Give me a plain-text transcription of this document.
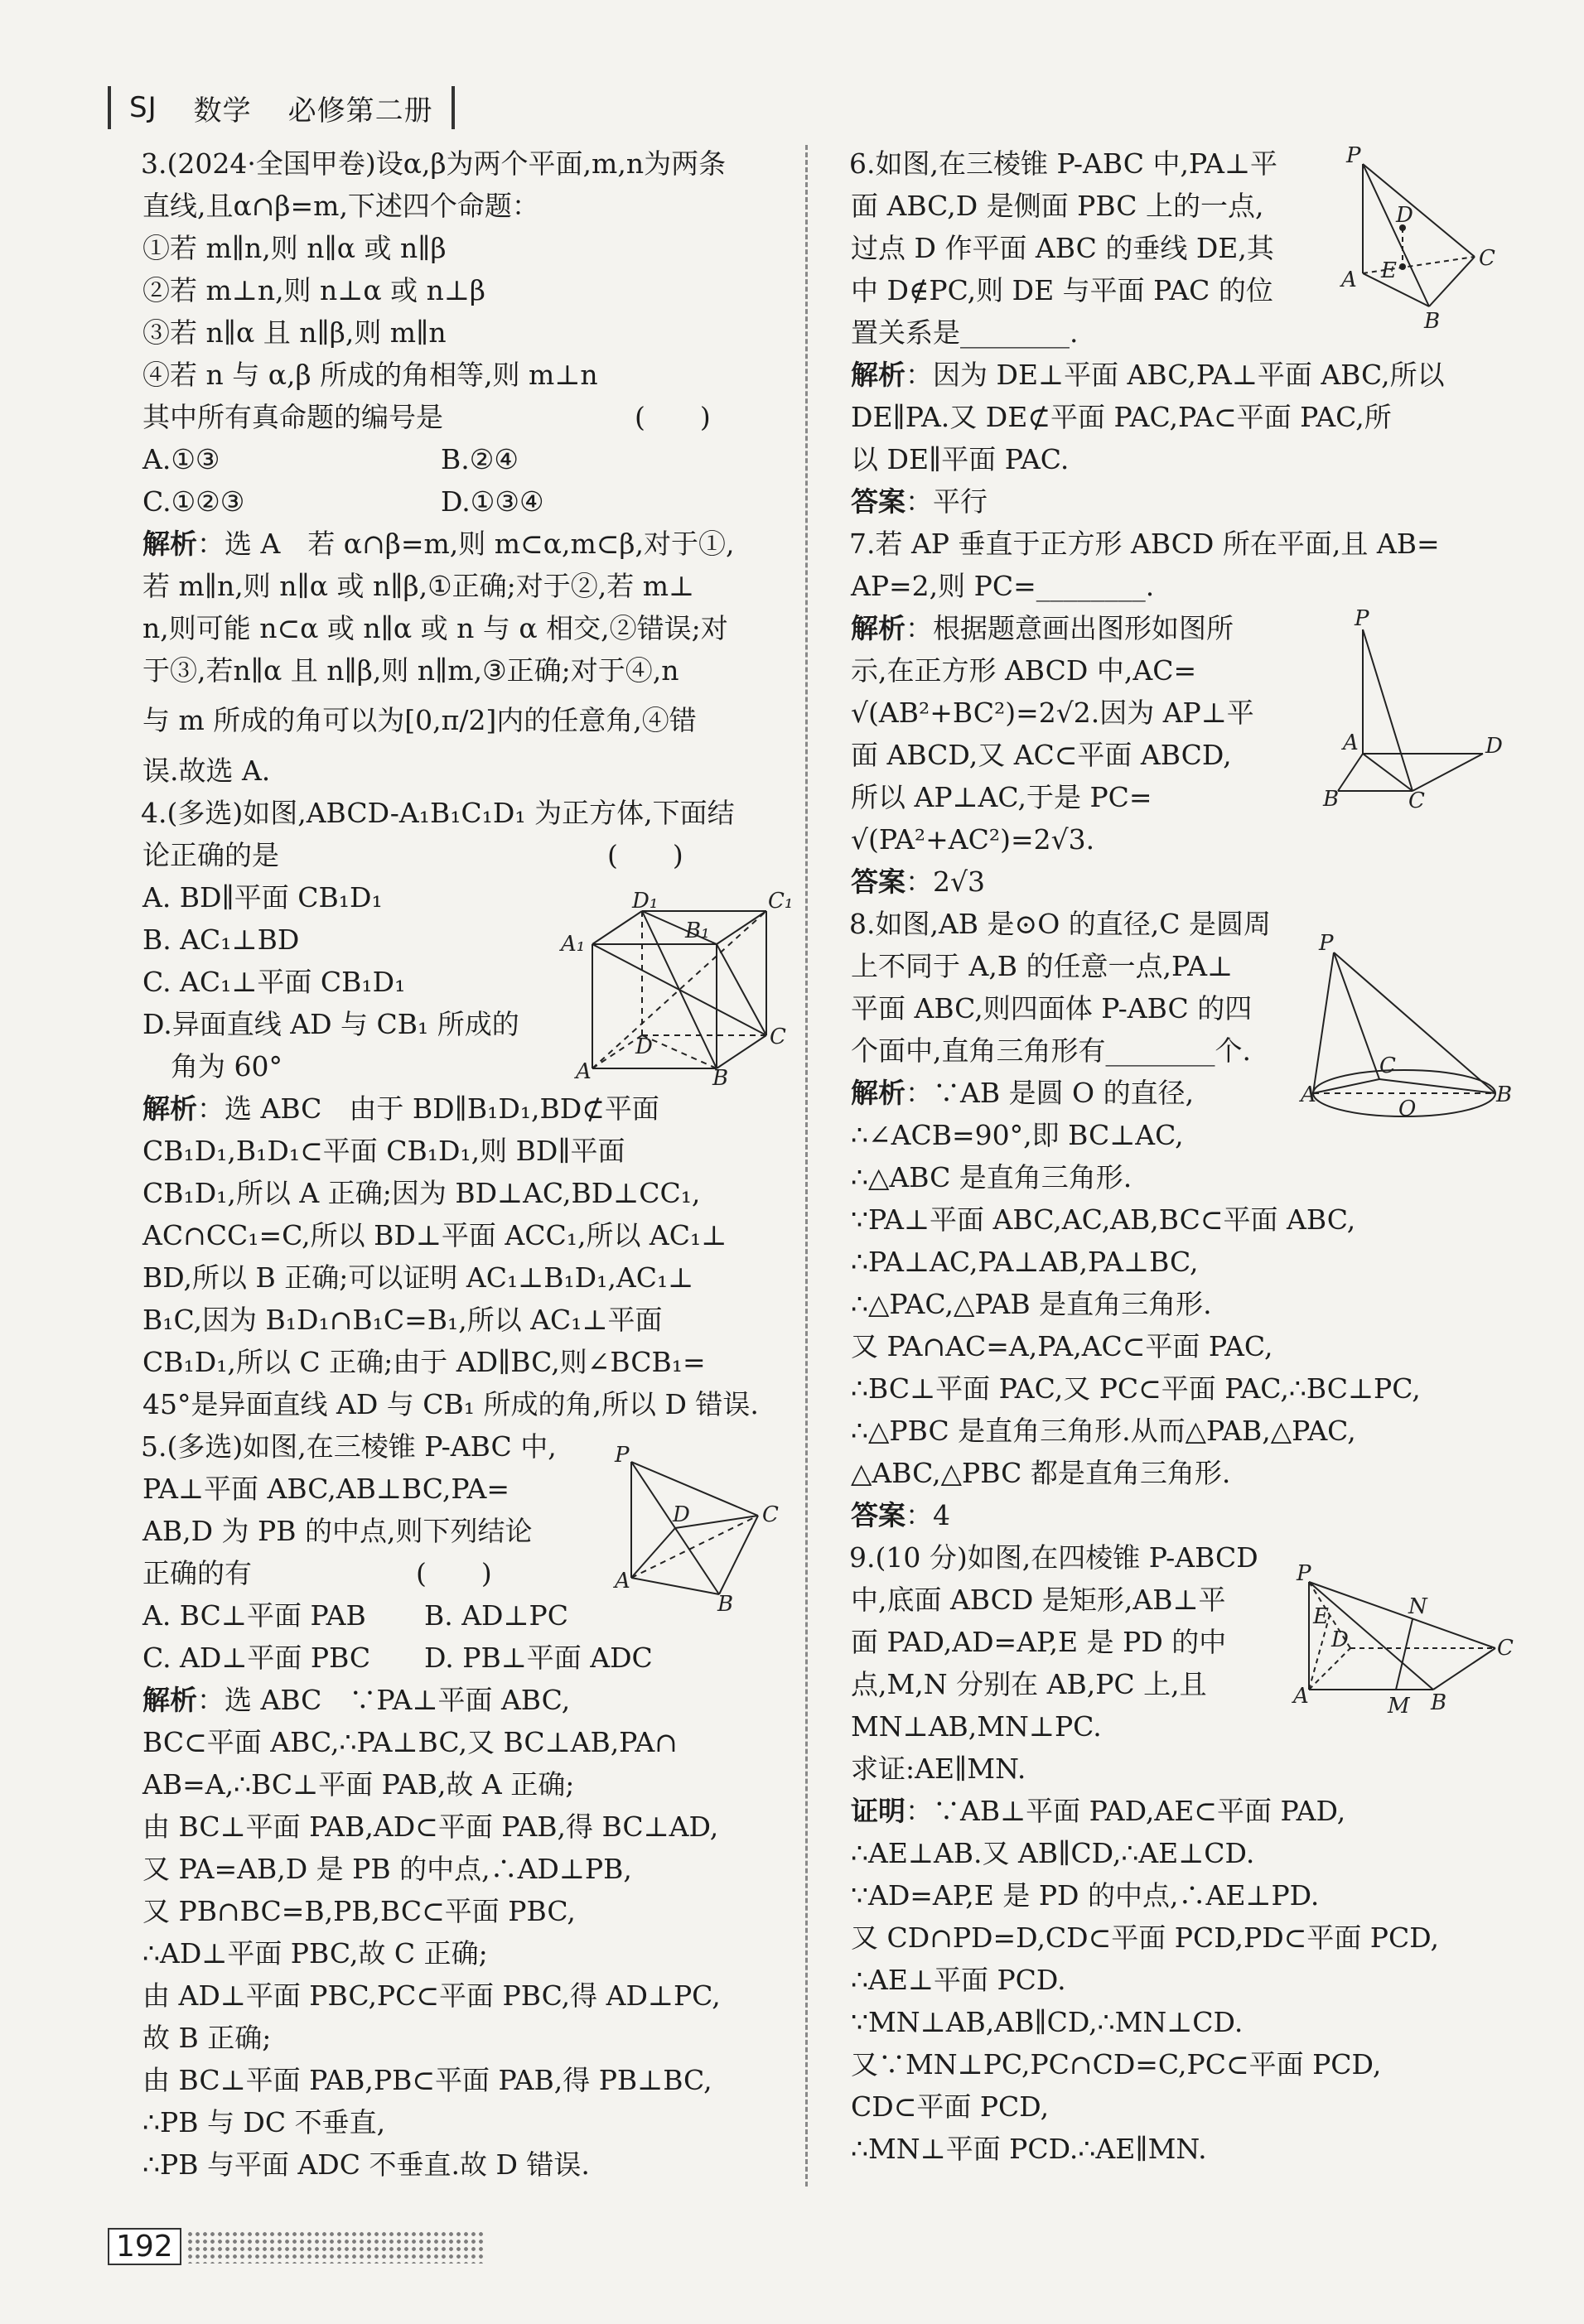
SJ	数学	必修第二册
3.(2024·全国甲卷)设α,β为两个平面,m,n为两条
直线,且α∩β=m,下述四个命题：
①若 m∥n,则 n∥α 或 n∥β
②若 m⊥n,则 n⊥α 或 n⊥β
③若 n∥α 且 n∥β,则 m∥n
④若 n 与 α,β 所成的角相等,则 m⊥n
其中所有真命题的编号是　　　　　　　(　　)
A.①③	B.②④
C.①②③	D.①③④
解析：选 A　若 α∩β=m,则 m⊂α,m⊂β,对于①,
若 m∥n,则 n∥α 或 n∥β,①正确;对于②,若 m⊥
n,则可能 n⊂α 或 n∥α 或 n 与 α 相交,②错误;对
于③,若n∥α 且 n∥β,则 n∥m,③正确;对于④,n
与 m 所成的角可以为[0,π/2]内的任意角,④错
误.故选 A.
4.(多选)如图,ABCD-A₁B₁C₁D₁ 为正方体,下面结
论正确的是　　　　　　　　　　　　(　　)
A. BD∥平面 CB₁D₁
B. AC₁⊥BD
C. AC₁⊥平面 CB₁D₁
D.异面直线 AD 与 CB₁ 所成的
角为 60°
解析：选 ABC　由于 BD∥B₁D₁,BD⊄平面
CB₁D₁,B₁D₁⊂平面 CB₁D₁,则 BD∥平面
CB₁D₁,所以 A 正确;因为 BD⊥AC,BD⊥CC₁,
AC∩CC₁=C,所以 BD⊥平面 ACC₁,所以 AC₁⊥
BD,所以 B 正确;可以证明 AC₁⊥B₁D₁,AC₁⊥
B₁C,因为 B₁D₁∩B₁C=B₁,所以 AC₁⊥平面
CB₁D₁,所以 C 正确;由于 AD∥BC,则∠BCB₁=
45°是异面直线 AD 与 CB₁ 所成的角,所以 D 错误.
5.(多选)如图,在三棱锥 P-ABC 中,
PA⊥平面 ABC,AB⊥BC,PA=
AB,D 为 PB 的中点,则下列结论
正确的有　　　　　　(　　)
A. BC⊥平面 PAB	B. AD⊥PC
C. AD⊥平面 PBC	D. PB⊥平面 ADC
解析：选 ABC　∵PA⊥平面 ABC,
BC⊂平面 ABC,∴PA⊥BC,又 BC⊥AB,PA∩
AB=A,∴BC⊥平面 PAB,故 A 正确;
由 BC⊥平面 PAB,AD⊂平面 PAB,得 BC⊥AD,
又 PA=AB,D 是 PB 的中点,∴AD⊥PB,
又 PB∩BC=B,PB,BC⊂平面 PBC,
∴AD⊥平面 PBC,故 C 正确;
由 AD⊥平面 PBC,PC⊂平面 PBC,得 AD⊥PC,
故 B 正确;
由 BC⊥平面 PAB,PB⊂平面 PAB,得 PB⊥BC,
∴PB 与 DC 不垂直,
∴PB 与平面 ADC 不垂直.故 D 错误.
D₁	C₁
B₁
A₁
C
D
A	B
P
D	C
A
B
6.如图,在三棱锥 P-ABC 中,PA⊥平
面 ABC,D 是侧面 PBC 上的一点,
过点 D 作平面 ABC 的垂线 DE,其
中 D∉PC,则 DE 与平面 PAC 的位
置关系是________.
解析：因为 DE⊥平面 ABC,PA⊥平面 ABC,所以
DE∥PA.又 DE⊄平面 PAC,PA⊂平面 PAC,所
以 DE∥平面 PAC.
答案：平行
7.若 AP 垂直于正方形 ABCD 所在平面,且 AB=
AP=2,则 PC=________.
解析：根据题意画出图形如图所
示,在正方形 ABCD 中,AC=
√(AB²+BC²)=2√2.因为 AP⊥平
面 ABCD,又 AC⊂平面 ABCD,
所以 AP⊥AC,于是 PC=
√(PA²+AC²)=2√3.
答案：2√3
8.如图,AB 是⊙O 的直径,C 是圆周
上不同于 A,B 的任意一点,PA⊥
平面 ABC,则四面体 P-ABC 的四
个面中,直角三角形有________个.
解析：∵AB 是圆 O 的直径,
∴∠ACB=90°,即 BC⊥AC,
∴△ABC 是直角三角形.
∵PA⊥平面 ABC,AC,AB,BC⊂平面 ABC,
∴PA⊥AC,PA⊥AB,PA⊥BC,
∴△PAC,△PAB 是直角三角形.
又 PA∩AC=A,PA,AC⊂平面 PAC,
∴BC⊥平面 PAC,又 PC⊂平面 PAC,∴BC⊥PC,
∴△PBC 是直角三角形.从而△PAB,△PAC,
△ABC,△PBC 都是直角三角形.
答案：4
9.(10 分)如图,在四棱锥 P-ABCD
中,底面 ABCD 是矩形,AB⊥平
面 PAD,AD=AP,E 是 PD 的中
点,M,N 分别在 AB,PC 上,且
MN⊥AB,MN⊥PC.
求证:AE∥MN.
证明：∵AB⊥平面 PAD,AE⊂平面 PAD,
∴AE⊥AB.又 AB∥CD,∴AE⊥CD.
∵AD=AP,E 是 PD 的中点,∴AE⊥PD.
又 CD∩PD=D,CD⊂平面 PCD,PD⊂平面 PCD,
∴AE⊥平面 PCD.
∵MN⊥AB,AB∥CD,∴MN⊥CD.
又∵MN⊥PC,PC∩CD=C,PC⊂平面 PCD,
CD⊂平面 PCD,
∴MN⊥平面 PCD.∴AE∥MN.
P
D
E	C
A
B
P
A	D
B	C
P
C
A
O
B
P
N
E
D	C
A	M B
192
